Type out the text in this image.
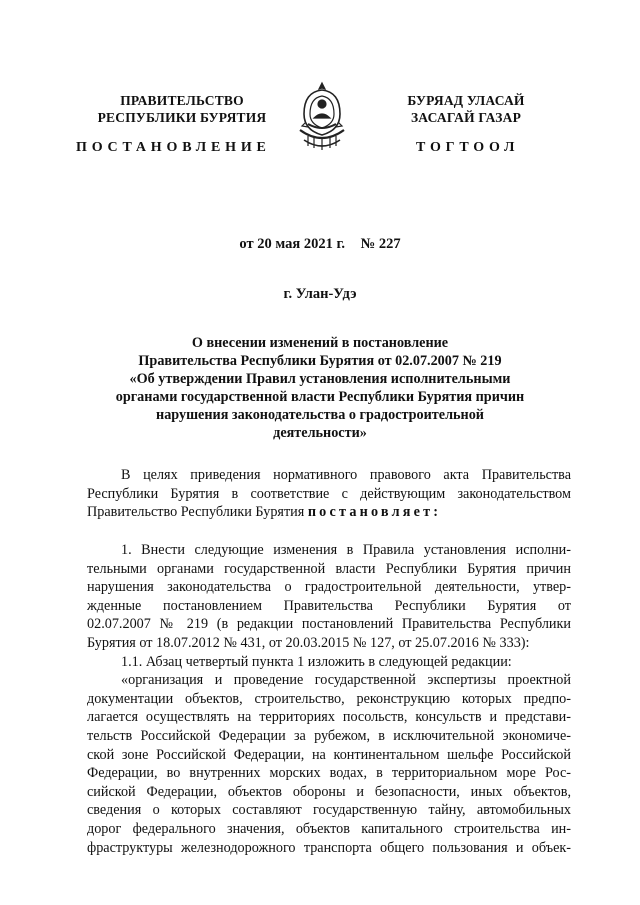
ПРАВИТЕЛЬСТВО
РЕСПУБЛИКИ БУРЯТИЯ
БУРЯАД УЛАСАЙ
ЗАСАГАЙ ГАЗАР
ПОСТАНОВЛЕНИЕ	ТОГТООЛ
от 20 мая 2021 г. № 227
г. Улан-Удэ
О внесении изменений в постановление
Правительства Республики Бурятия от 02.07.2007 № 219
«Об утверждении Правил установления исполнительными
органами государственной власти Республики Бурятия причин
нарушения законодательства о градостроительной
деятельности»
В целях приведения нормативного правового акта Правительства
Республики Бурятия в соответствие с действующим законодательством
Правительство Республики Бурятия постановляет:
1. Внести следующие изменения в Правила установления исполни-
тельными органами государственной власти Республики Бурятия причин
нарушения законодательства о градостроительной деятельности, утвер-
жденные постановлением Правительства Республики Бурятия от
02.07.2007 № 219 (в редакции постановлений Правительства Республики
Бурятия от 18.07.2012 № 431, от 20.03.2015 № 127, от 25.07.2016 № 333):
1.1. Абзац четвертый пункта 1 изложить в следующей редакции:
«организация и проведение государственной экспертизы проектной
документации объектов, строительство, реконструкцию которых предпо-
лагается осуществлять на территориях посольств, консульств и представи-
тельств Российской Федерации за рубежом, в исключительной экономиче-
ской зоне Российской Федерации, на континентальном шельфе Российской
Федерации, во внутренних морских водах, в территориальном море Рос-
сийской Федерации, объектов обороны и безопасности, иных объектов,
сведения о которых составляют государственную тайну, автомобильных
дорог федерального значения, объектов капитального строительства ин-
фраструктуры железнодорожного транспорта общего пользования и объек-
